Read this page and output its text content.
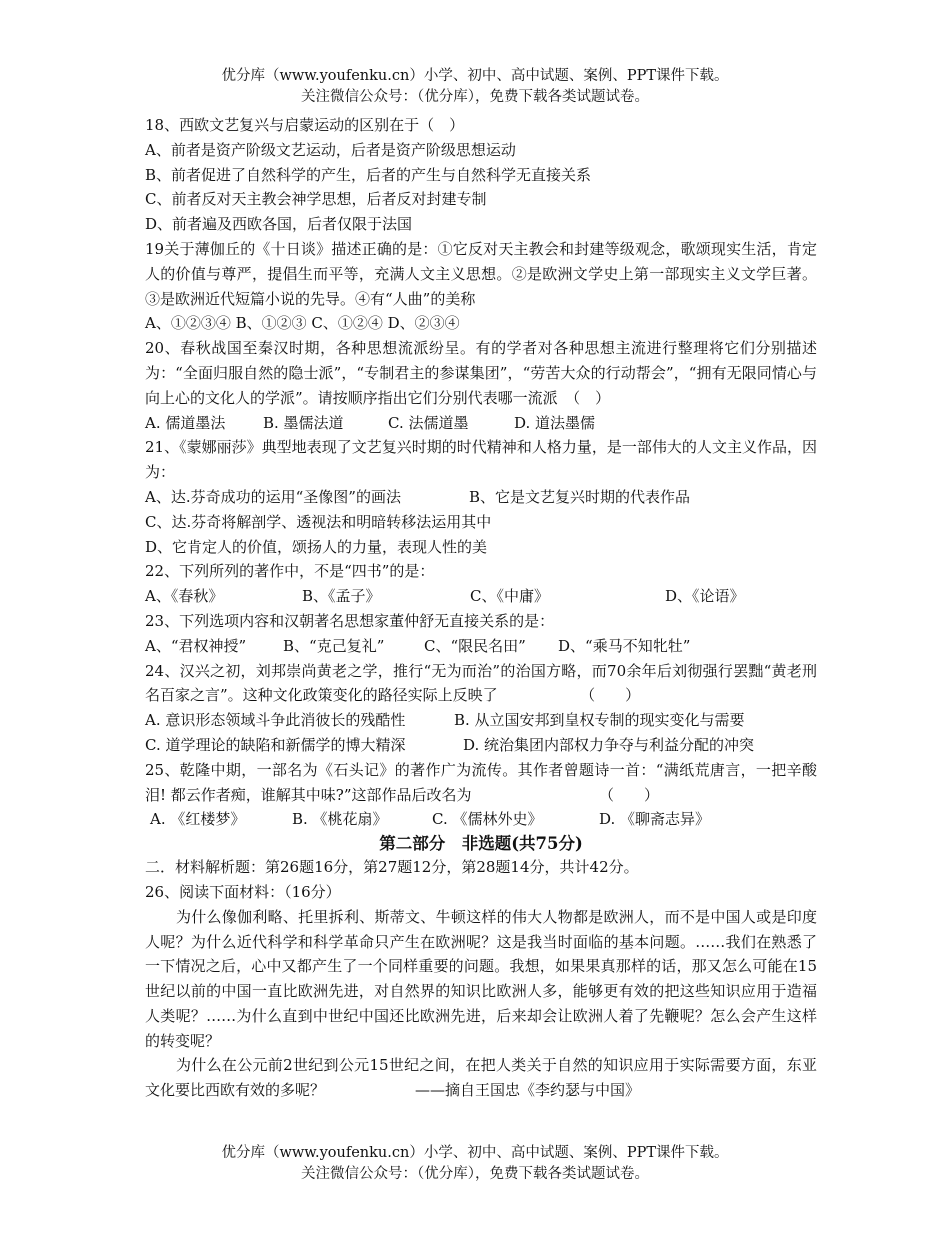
优分库（www.youfenku.cn）小学、初中、高中试题、案例、PPT课件下载。
关注微信公众号：（优分库），免费下载各类试题试卷。

18、西欧文艺复兴与启蒙运动的区别在于（　）

A、前者是资产阶级文艺运动，后者是资产阶级思想运动

B、前者促进了自然科学的产生，后者的产生与自然科学无直接关系

C、前者反对天主教会神学思想，后者反对封建专制

D、前者遍及西欧各国，后者仅限于法国

19关于薄伽丘的《十日谈》描述正确的是：①它反对天主教会和封建等级观念，歌颂现实生活，肯定人的价值与尊严，提倡生而平等，充满人文主义思想。②是欧洲文学史上第一部现实主义文学巨著。③是欧洲近代短篇小说的先导。④有“人曲”的美称

A、①②③④ B、①②③ C、①②④ D、②③④

20、春秋战国至秦汉时期，各种思想流派纷呈。有的学者对各种思想主流进行整理将它们分别描述为：“全面归服自然的隐士派”，“专制君主的参谋集团”，“劳苦大众的行动帮会”，“拥有无限同情心与向上心的文化人的学派”。请按顺序指出它们分别代表哪一流派　（　）

A. 儒道墨法	B. 墨儒法道	C. 法儒道墨	D. 道法墨儒

21、《蒙娜丽莎》典型地表现了文艺复兴时期的时代精神和人格力量，是一部伟大的人文主义作品，因为：

A、达.芬奇成功的运用“圣像图”的画法	B、它是文艺复兴时期的代表作品

C、达.芬奇将解剖学、透视法和明暗转移法运用其中

D、它肯定人的价值，颂扬人的力量，表现人性的美

22、下列所列的著作中，不是“四书”的是：

A、《春秋》	B、《孟子》	C、《中庸》	D、《论语》

23、下列选项内容和汉朝著名思想家董仲舒无直接关系的是：

A、“君权神授” B、“克己复礼”	C、“限民名田” D、“乘马不知牝牡”

24、汉兴之初，刘邦崇尚黄老之学，推行“无为而治”的治国方略，而70余年后刘彻强行罢黜“黄老刑名百家之言”。这种文化政策变化的路径实际上反映了　　　　　　（　　）

A. 意识形态领域斗争此消彼长的残酷性	B. 从立国安邦到皇权专制的现实变化与需要

C. 道学理论的缺陷和新儒学的博大精深	D. 统治集团内部权力争夺与利益分配的冲突

25、乾隆中期，一部名为《石头记》的著作广为流传。其作者曾题诗一首：“满纸荒唐言，一把辛酸泪! 都云作者痴，谁解其中味?”这部作品后改名为　　　　　　　　　（　　）

A. 《红楼梦》	B. 《桃花扇》	C. 《儒林外史》	D. 《聊斋志异》

第二部分　非选题(共75分)

二．材料解析题：第26题16分，第27题12分，第28题14分，共计42分。

26、阅读下面材料：（16分）

为什么像伽利略、托里拆利、斯蒂文、牛顿这样的伟大人物都是欧洲人，而不是中国人或是印度人呢？为什么近代科学和科学革命只产生在欧洲呢？这是我当时面临的基本问题。……我们在熟悉了一下情况之后，心中又都产生了一个同样重要的问题。我想，如果果真那样的话，那又怎么可能在15世纪以前的中国一直比欧洲先进，对自然界的知识比欧洲人多，能够更有效的把这些知识应用于造福人类呢？……为什么直到中世纪中国还比欧洲先进，后来却会让欧洲人着了先鞭呢？怎么会产生这样的转变呢？

为什么在公元前2世纪到公元15世纪之间，在把人类关于自然的知识应用于实际需要方面，东亚文化要比西欧有效的多呢？　　　　　　——摘自王国忠《李约瑟与中国》

优分库（www.youfenku.cn）小学、初中、高中试题、案例、PPT课件下载。
关注微信公众号：（优分库），免费下载各类试题试卷。
